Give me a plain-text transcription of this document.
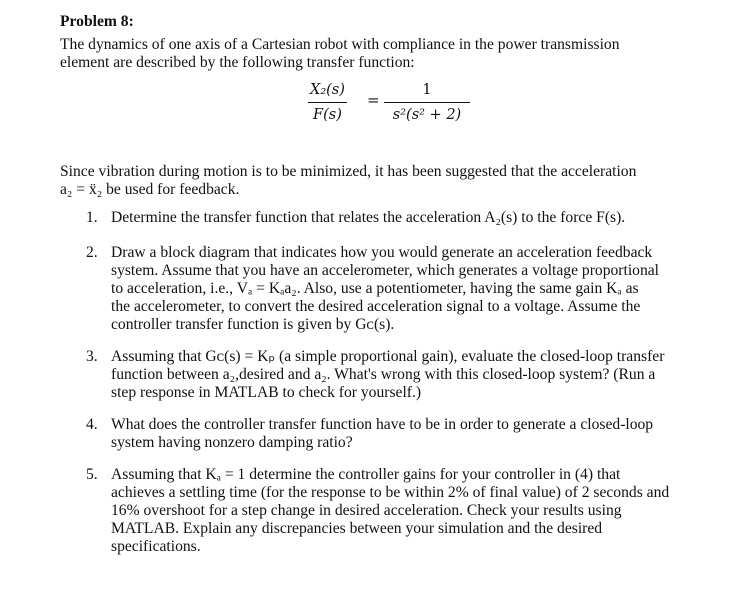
Problem 8:

The dynamics of one axis of a Cartesian robot with compliance in the power transmission
element are described by the following transfer function:

$\frac{\text{X₂(s)}}{F(s)} = \frac{1}{\text{s²(s² + 2)}}$

Since vibration during motion is to be minimized, it has been suggested that the acceleration
a₂ = ẍ₂ be used for feedback.

1. Determine the transfer function that relates the acceleration A₂(s) to the force F(s).
2. Draw a block diagram that indicates how you would generate an acceleration feedback
system. Assume that you have an accelerometer, which generates a voltage proportional
to acceleration, i.e., Vₐ = Kₐa₂. Also, use a potentiometer, having the same gain Kₐ as
the accelerometer, to convert the desired acceleration signal to a voltage. Assume the
controller transfer function is given by Gᴄ(s).
3. Assuming that Gᴄ(s) = Kₚ (a simple proportional gain), evaluate the closed-loop transfer
function between a₂,desired and a₂. What's wrong with this closed-loop system? (Run a
step response in MATLAB to check for yourself.)
4. What does the controller transfer function have to be in order to generate a closed-loop
system having nonzero damping ratio?
5. Assuming that Kₐ = 1 determine the controller gains for your controller in (4) that
achieves a settling time (for the response to be within 2% of final value) of 2 seconds and
16% overshoot for a step change in desired acceleration. Check your results using
MATLAB. Explain any discrepancies between your simulation and the desired
specifications.
